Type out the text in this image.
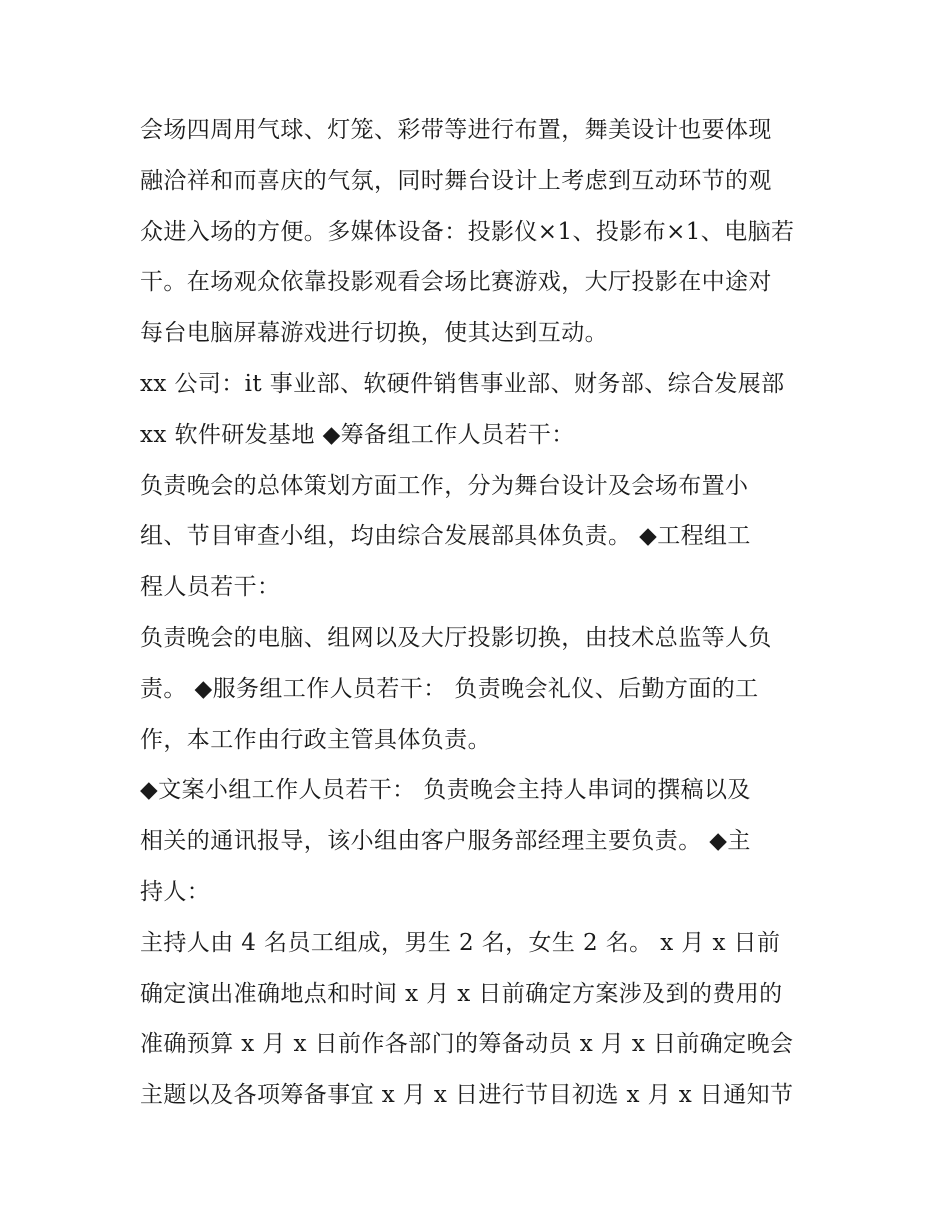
会场四周用气球、灯笼、彩带等进行布置，舞美设计也要体现
融洽祥和而喜庆的气氛，同时舞台设计上考虑到互动环节的观
众进入场的方便。多媒体设备：投影仪×1、投影布×1、电脑若
干。在场观众依靠投影观看会场比赛游戏，大厅投影在中途对
每台电脑屏幕游戏进行切换，使其达到互动。
xx 公司：it 事业部、软硬件销售事业部、财务部、综合发展部
xx 软件研发基地 ◆筹备组工作人员若干：
负责晚会的总体策划方面工作，分为舞台设计及会场布置小
组、节目审查小组，均由综合发展部具体负责。 ◆工程组工
程人员若干：
负责晚会的电脑、组网以及大厅投影切换，由技术总监等人负
责。 ◆服务组工作人员若干： 负责晚会礼仪、后勤方面的工
作，本工作由行政主管具体负责。
◆文案小组工作人员若干： 负责晚会主持人串词的撰稿以及
相关的通讯报导，该小组由客户服务部经理主要负责。 ◆主
持人：
主持人由 4 名员工组成，男生 2 名，女生 2 名。 x 月 x 日前
确定演出准确地点和时间 x 月 x 日前确定方案涉及到的费用的
准确预算 x 月 x 日前作各部门的筹备动员 x 月 x 日前确定晚会
主题以及各项筹备事宜 x 月 x 日进行节目初选 x 月 x 日通知节
